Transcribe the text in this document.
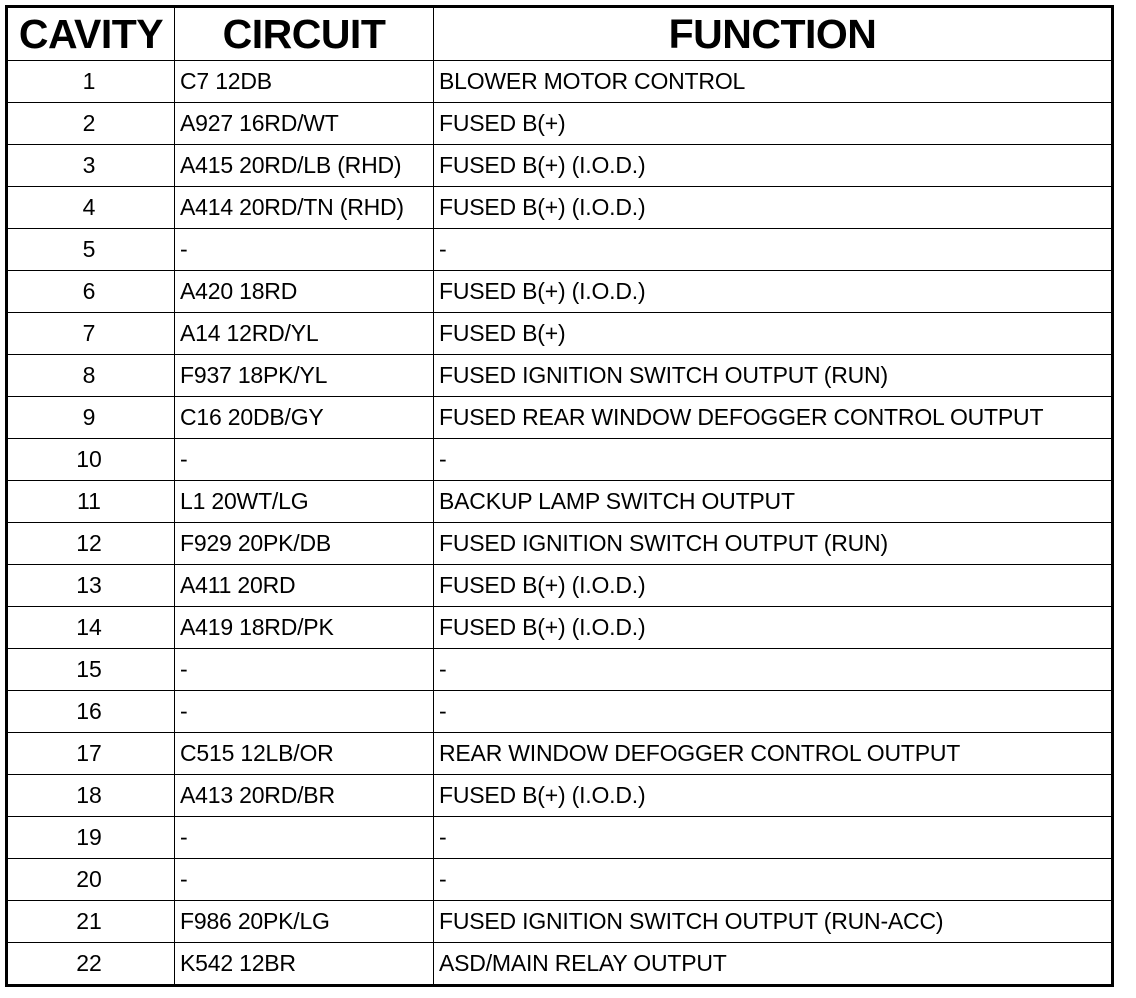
CAVITY	CIRCUIT	FUNCTION
1	C7 12DB	BLOWER MOTOR CONTROL
2	A927 16RD/WT	FUSED B(+)
3	A415 20RD/LB (RHD)	FUSED B(+) (I.O.D.)
4	A414 20RD/TN (RHD)	FUSED B(+) (I.O.D.)
5	-	-
6	A420 18RD	FUSED B(+) (I.O.D.)
7	A14 12RD/YL	FUSED B(+)
8	F937 18PK/YL	FUSED IGNITION SWITCH OUTPUT (RUN)
9	C16 20DB/GY	FUSED REAR WINDOW DEFOGGER CONTROL OUTPUT
10	-	-
11	L1 20WT/LG	BACKUP LAMP SWITCH OUTPUT
12	F929 20PK/DB	FUSED IGNITION SWITCH OUTPUT (RUN)
13	A411 20RD	FUSED B(+) (I.O.D.)
14	A419 18RD/PK	FUSED B(+) (I.O.D.)
15	-	-
16	-	-
17	C515 12LB/OR	REAR WINDOW DEFOGGER CONTROL OUTPUT
18	A413 20RD/BR	FUSED B(+) (I.O.D.)
19	-	-
20	-	-
21	F986 20PK/LG	FUSED IGNITION SWITCH OUTPUT (RUN-ACC)
22	K542 12BR	ASD/MAIN RELAY OUTPUT
